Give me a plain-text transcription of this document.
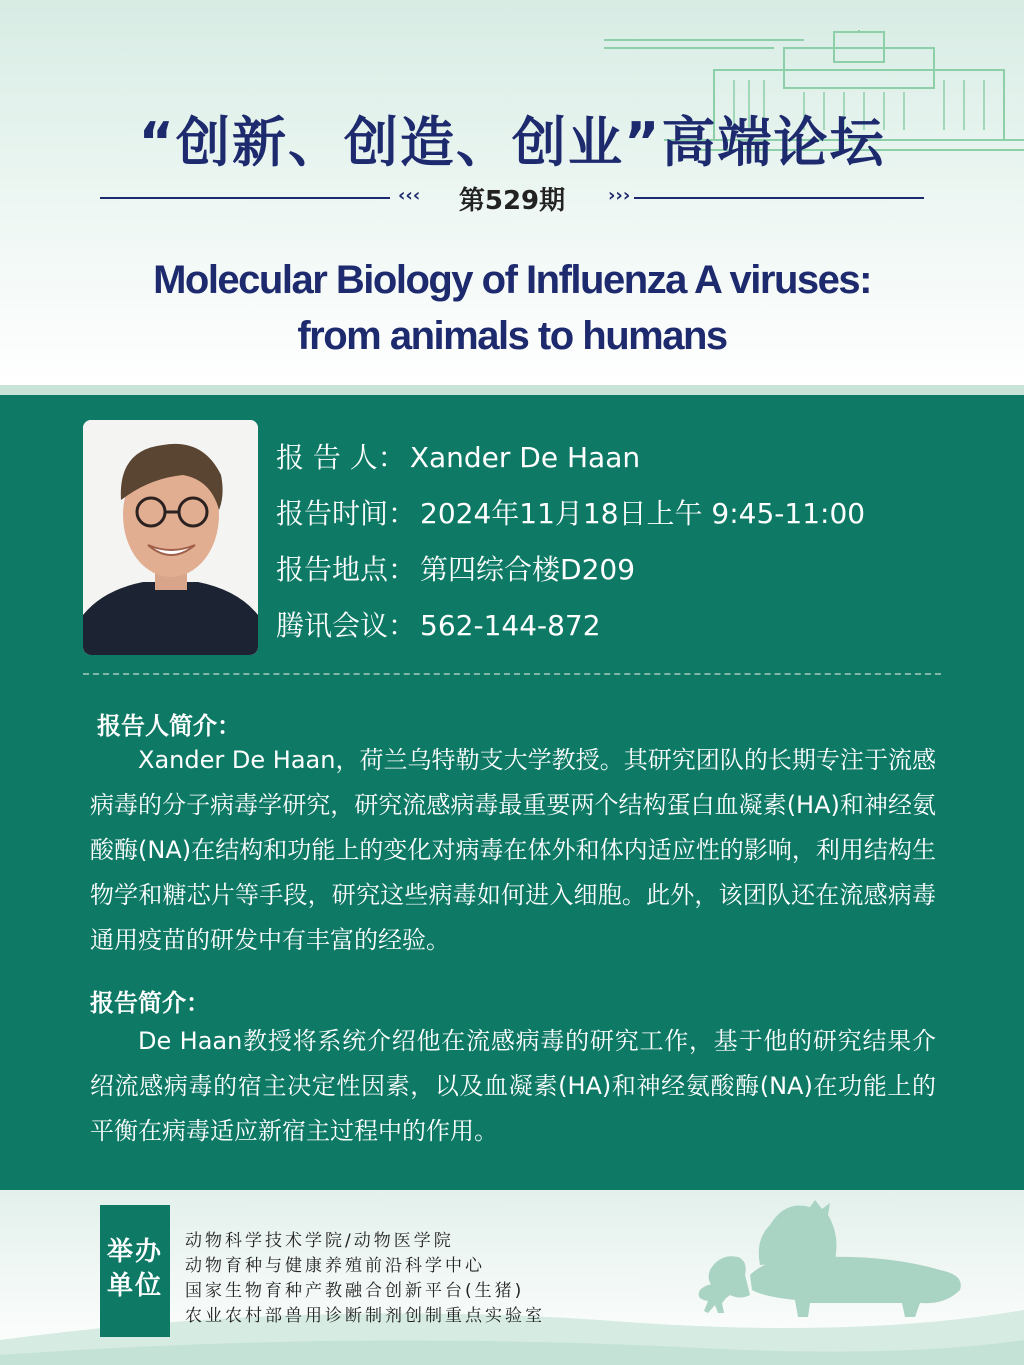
“创新、创造、创业”高端论坛
‹‹‹	第529期	›››
Molecular Biology of Influenza A viruses:
from animals to humans
报 告 人： Xander De Haan
报告时间： 2024年11月18日上午 9:45-11:00
报告地点： 第四综合楼D209
腾讯会议： 562-144-872
报告人简介：
Xander De Haan，荷兰乌特勒支大学教授。其研究团队的长期专注于流感病毒的分子病毒学研究，研究流感病毒最重要两个结构蛋白血凝素(HA)和神经氨酸酶(NA)在结构和功能上的变化对病毒在体外和体内适应性的影响，利用结构生物学和糖芯片等手段，研究这些病毒如何进入细胞。此外，该团队还在流感病毒通用疫苗的研发中有丰富的经验。
报告简介：
De Haan教授将系统介绍他在流感病毒的研究工作，基于他的研究结果介绍流感病毒的宿主决定性因素，以及血凝素(HA)和神经氨酸酶(NA)在功能上的平衡在病毒适应新宿主过程中的作用。
举办
单位
动物科学技术学院/动物医学院
动物育种与健康养殖前沿科学中心
国家生物育种产教融合创新平台(生猪)
农业农村部兽用诊断制剂创制重点实验室
